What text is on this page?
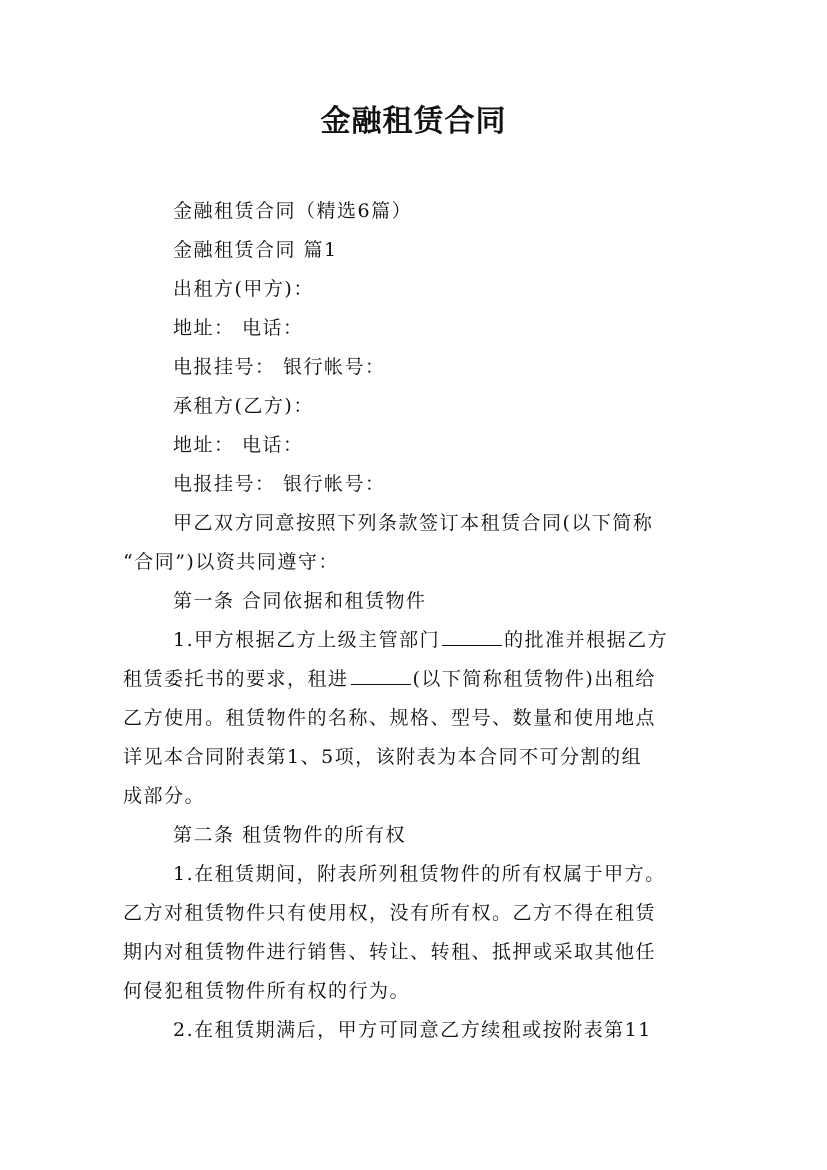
金融租赁合同
金融租赁合同（精选6篇）
金融租赁合同 篇1
出租方(甲方)：
地址： 电话：
电报挂号： 银行帐号：
承租方(乙方)：
地址： 电话：
电报挂号： 银行帐号：
甲乙双方同意按照下列条款签订本租赁合同(以下简称
“合同”)以资共同遵守：
第一条 合同依据和租赁物件
1.甲方根据乙方上级主管部门	的批准并根据乙方
租赁委托书的要求，租进	(以下简称租赁物件)出租给
乙方使用。租赁物件的名称、规格、型号、数量和使用地点
详见本合同附表第1、5项，该附表为本合同不可分割的组
成部分。
第二条 租赁物件的所有权
1.在租赁期间，附表所列租赁物件的所有权属于甲方。
乙方对租赁物件只有使用权，没有所有权。乙方不得在租赁
期内对租赁物件进行销售、转让、转租、抵押或采取其他任
何侵犯租赁物件所有权的行为。
2.在租赁期满后，甲方可同意乙方续租或按附表第11
